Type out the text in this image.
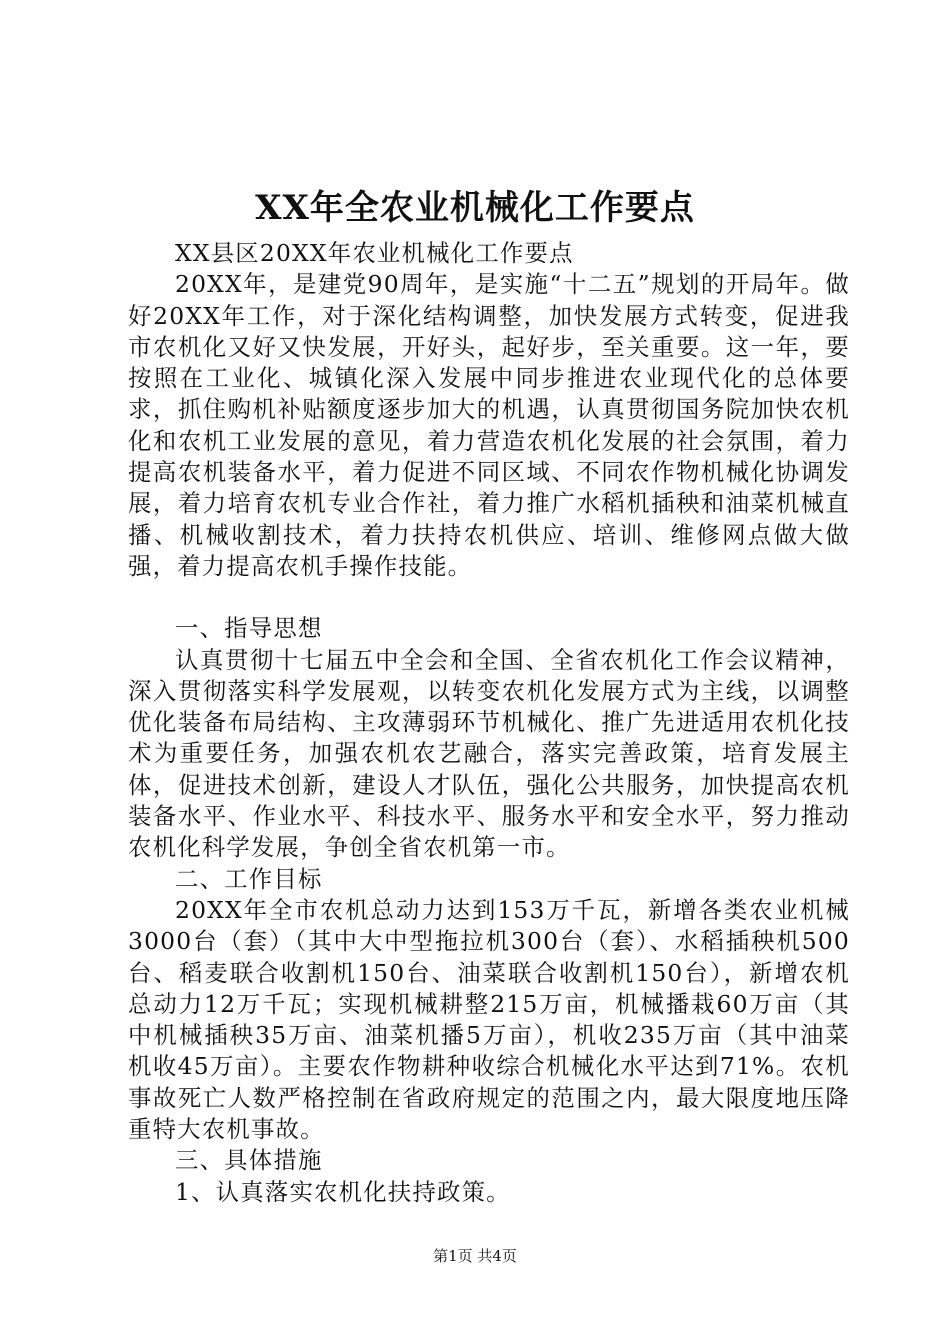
XX年全农业机械化工作要点

XX县区20XX年农业机械化工作要点

20XX年，是建党90周年，是实施“十二五”规划的开局年。做好20XX年工作，对于深化结构调整，加快发展方式转变，促进我市农机化又好又快发展，开好头，起好步，至关重要。这一年，要按照在工业化、城镇化深入发展中同步推进农业现代化的总体要求，抓住购机补贴额度逐步加大的机遇，认真贯彻国务院加快农机化和农机工业发展的意见，着力营造农机化发展的社会氛围，着力提高农机装备水平，着力促进不同区域、不同农作物机械化协调发展，着力培育农机专业合作社，着力推广水稻机插秧和油菜机械直播、机械收割技术，着力扶持农机供应、培训、维修网点做大做强，着力提高农机手操作技能。

一、指导思想

认真贯彻十七届五中全会和全国、全省农机化工作会议精神，深入贯彻落实科学发展观，以转变农机化发展方式为主线，以调整优化装备布局结构、主攻薄弱环节机械化、推广先进适用农机化技术为重要任务，加强农机农艺融合，落实完善政策，培育发展主体，促进技术创新，建设人才队伍，强化公共服务，加快提高农机装备水平、作业水平、科技水平、服务水平和安全水平，努力推动农机化科学发展，争创全省农机第一市。

二、工作目标

20XX年全市农机总动力达到153万千瓦，新增各类农业机械3000台（套）（其中大中型拖拉机300台（套）、水稻插秧机500台、稻麦联合收割机150台、油菜联合收割机150台），新增农机总动力12万千瓦；实现机械耕整215万亩，机械播栽60万亩（其中机械插秧35万亩、油菜机播5万亩），机收235万亩（其中油菜机收45万亩）。主要农作物耕种收综合机械化水平达到71%。农机事故死亡人数严格控制在省政府规定的范围之内，最大限度地压降重特大农机事故。

三、具体措施

1、认真落实农机化扶持政策。

第1页 共4页
